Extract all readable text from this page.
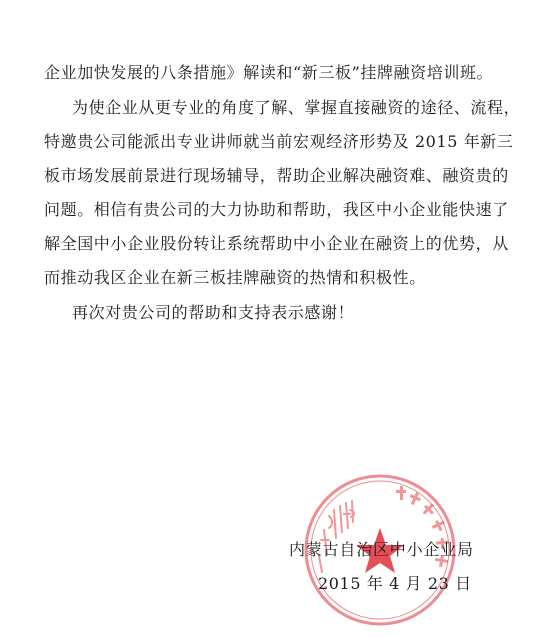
企业加快发展的八条措施》解读和“新三板”挂牌融资培训班。
为使企业从更专业的角度了解、掌握直接融资的途径、流程，
特邀贵公司能派出专业讲师就当前宏观经济形势及 2015 年新三
板市场发展前景进行现场辅导，帮助企业解决融资难、融资贵的
问题。相信有贵公司的大力协助和帮助，我区中小企业能快速了
解全国中小企业股份转让系统帮助中小企业在融资上的优势，从
而推动我区企业在新三板挂牌融资的热情和积极性。
再次对贵公司的帮助和支持表示感谢！
内蒙古自治区中小企业局
2015 年 4 月 23 日
